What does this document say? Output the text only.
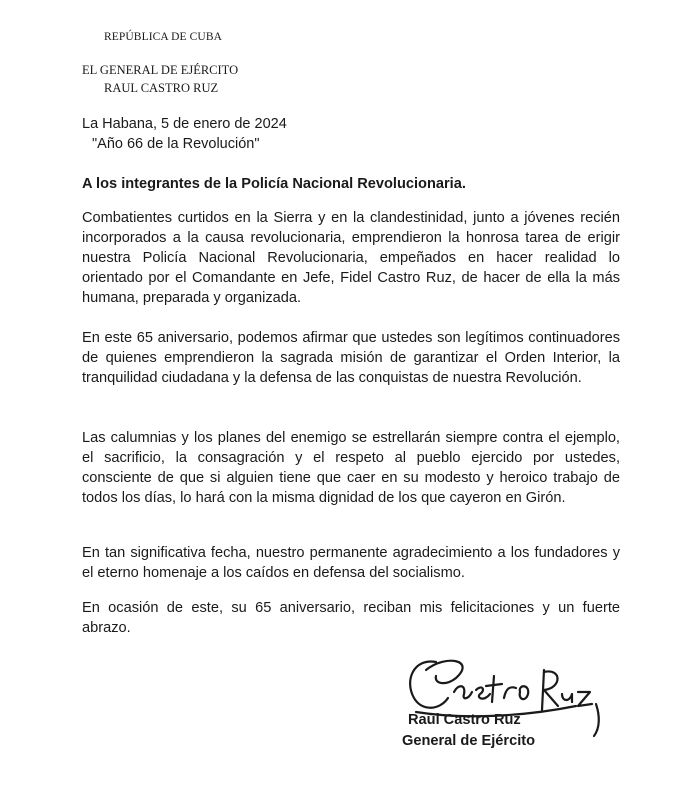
REPÚBLICA DE CUBA
EL GENERAL DE EJÉRCITO
RAUL CASTRO RUZ
La Habana, 5 de enero de 2024
"Año 66 de la Revolución"
A los integrantes de la Policía Nacional Revolucionaria.

Combatientes curtidos en la Sierra y en la clandestinidad, junto a jóvenes recién incorporados a la causa revolucionaria, emprendieron la honrosa tarea de erigir nuestra Policía Nacional Revolucionaria, empeñados en hacer realidad lo orientado por el Comandante en Jefe, Fidel Castro Ruz, de hacer de ella la más humana, preparada y organizada.

En este 65 aniversario, podemos afirmar que ustedes son legítimos continuadores de quienes emprendieron la sagrada misión de garantizar el Orden Interior, la tranquilidad ciudadana y la defensa de las conquistas de nuestra Revolución.

Las calumnias y los planes del enemigo se estrellarán siempre contra el ejemplo, el sacrificio, la consagración y el respeto al pueblo ejercido por ustedes, consciente de que si alguien tiene que caer en su modesto y heroico trabajo de todos los días, lo hará con la misma dignidad de los que cayeron en Girón.

En tan significativa fecha, nuestro permanente agradecimiento a los fundadores y el eterno homenaje a los caídos en defensa del socialismo.

En ocasión de este, su 65 aniversario, reciban mis felicitaciones y un fuerte abrazo.

Raúl Castro Ruz
General de Ejército
